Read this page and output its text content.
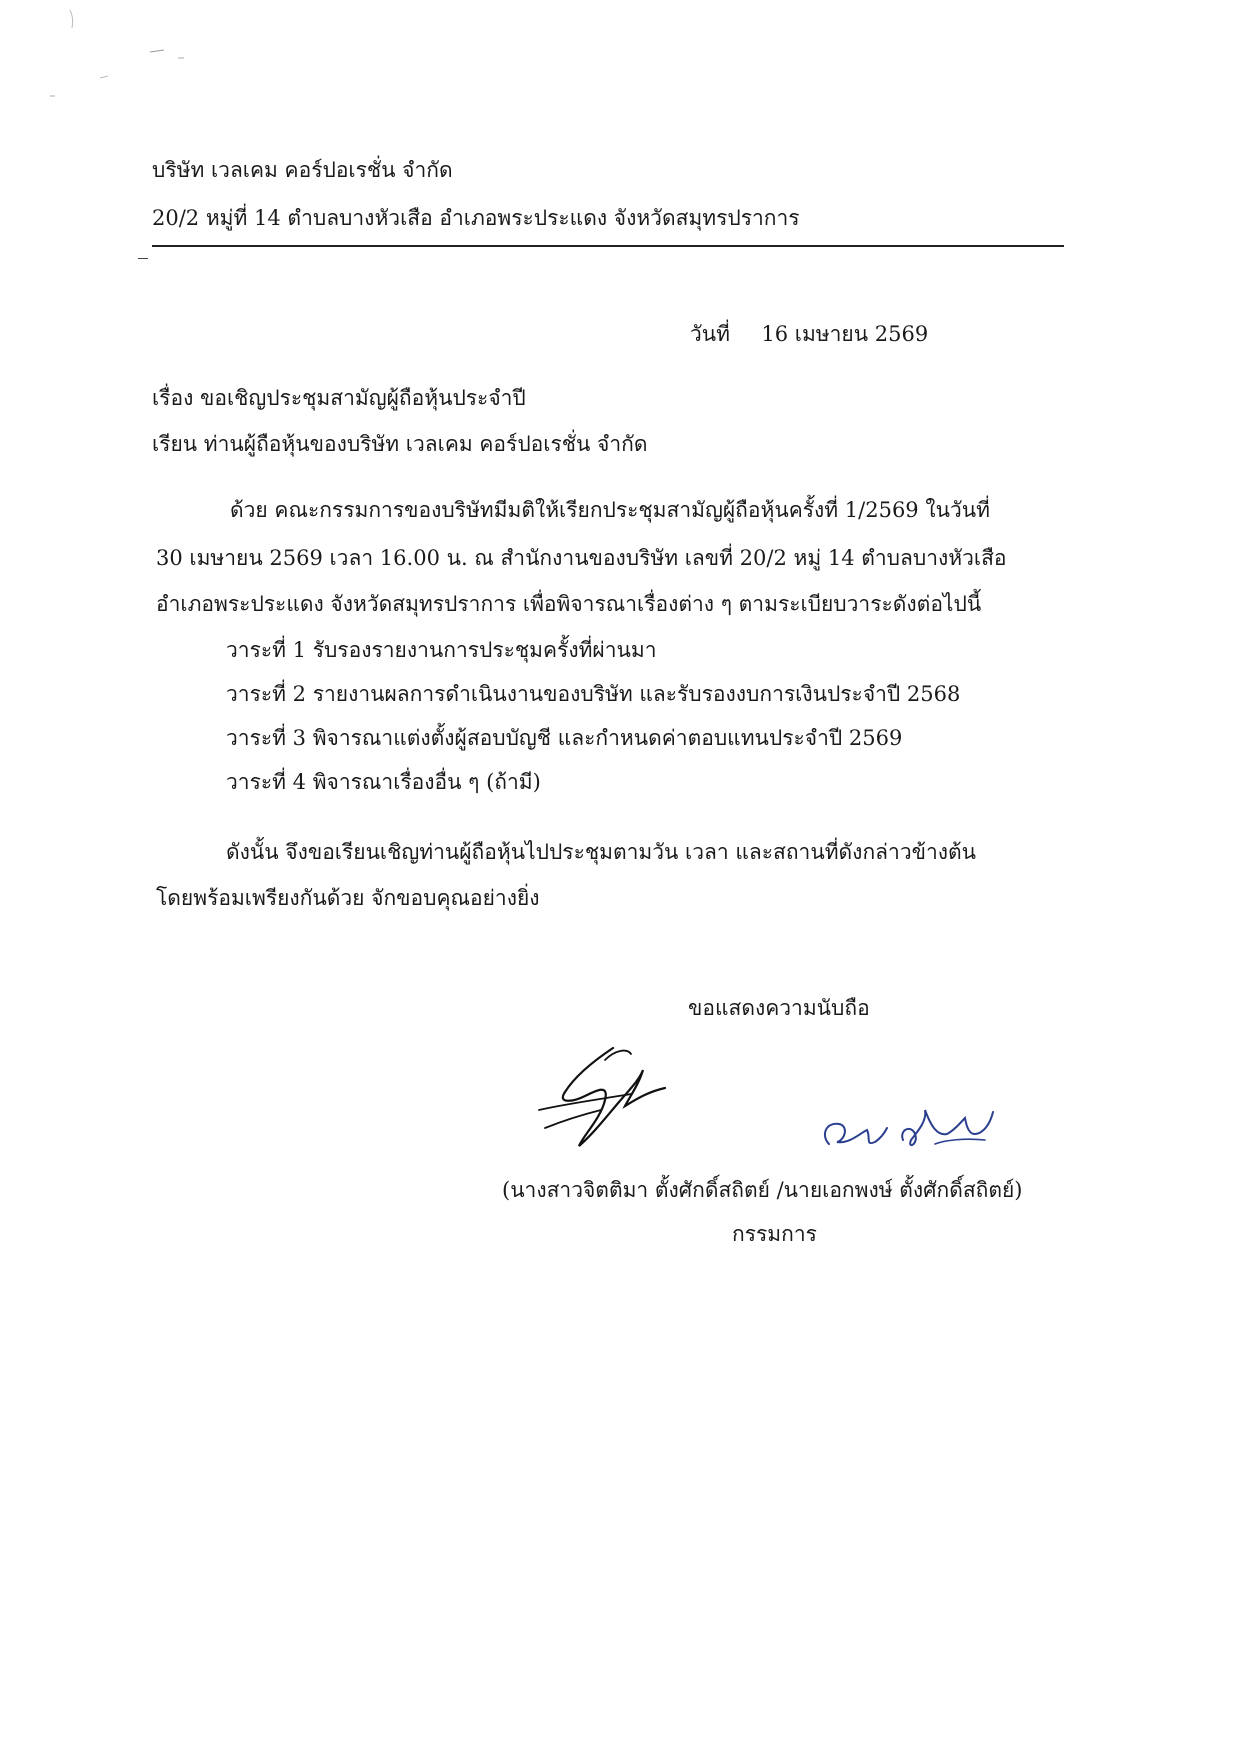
บริษัท เวลเคม คอร์ปอเรชั่น จำกัด
20/2 หมู่ที่ 14 ตำบลบางหัวเสือ อำเภอพระประแดง จังหวัดสมุทรปราการ
วันที่ 16 เมษายน 2569
เรื่อง ขอเชิญประชุมสามัญผู้ถือหุ้นประจำปี
เรียน ท่านผู้ถือหุ้นของบริษัท เวลเคม คอร์ปอเรชั่น จำกัด
ด้วย คณะกรรมการของบริษัทมีมติให้เรียกประชุมสามัญผู้ถือหุ้นครั้งที่ 1/2569 ในวันที่
30 เมษายน 2569 เวลา 16.00 น. ณ สำนักงานของบริษัท เลขที่ 20/2 หมู่ 14 ตำบลบางหัวเสือ
อำเภอพระประแดง จังหวัดสมุทรปราการ เพื่อพิจารณาเรื่องต่าง ๆ ตามระเบียบวาระดังต่อไปนี้
วาระที่ 1 รับรองรายงานการประชุมครั้งที่ผ่านมา
วาระที่ 2 รายงานผลการดำเนินงานของบริษัท และรับรองงบการเงินประจำปี 2568
วาระที่ 3 พิจารณาแต่งตั้งผู้สอบบัญชี และกำหนดค่าตอบแทนประจำปี 2569
วาระที่ 4 พิจารณาเรื่องอื่น ๆ (ถ้ามี)
ดังนั้น จึงขอเรียนเชิญท่านผู้ถือหุ้นไปประชุมตามวัน เวลา และสถานที่ดังกล่าวข้างต้น
โดยพร้อมเพรียงกันด้วย จักขอบคุณอย่างยิ่ง
ขอแสดงความนับถือ
(นางสาวจิตติมา ตั้งศักดิ์สถิตย์ /นายเอกพงษ์ ตั้งศักดิ์สถิตย์)
กรรมการ
